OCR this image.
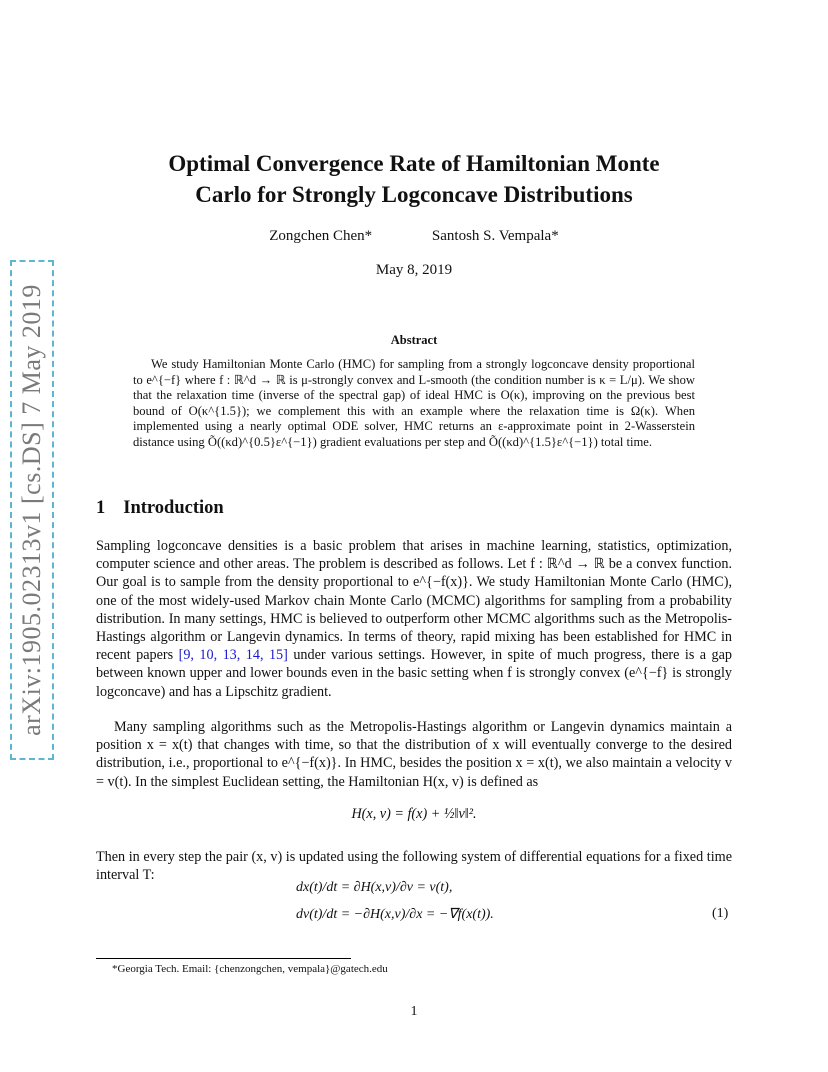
arXiv:1905.02313v1 [cs.DS] 7 May 2019
Optimal Convergence Rate of Hamiltonian Monte
Carlo for Strongly Logconcave Distributions
Zongchen Chen*	Santosh S. Vempala*
May 8, 2019
Abstract
We study Hamiltonian Monte Carlo (HMC) for sampling from a strongly logconcave density proportional to e^{−f} where f : ℝ^d → ℝ is μ-strongly convex and L-smooth (the condition number is κ = L/μ). We show that the relaxation time (inverse of the spectral gap) of ideal HMC is O(κ), improving on the previous best bound of O(κ^{1.5}); we complement this with an example where the relaxation time is Ω(κ). When implemented using a nearly optimal ODE solver, HMC returns an ε-approximate point in 2-Wasserstein distance using Õ((κd)^{0.5}ε^{−1}) gradient evaluations per step and Õ((κd)^{1.5}ε^{−1}) total time.
1 Introduction
Sampling logconcave densities is a basic problem that arises in machine learning, statistics, optimization, computer science and other areas. The problem is described as follows. Let f : ℝ^d → ℝ be a convex function. Our goal is to sample from the density proportional to e^{−f(x)}. We study Hamiltonian Monte Carlo (HMC), one of the most widely-used Markov chain Monte Carlo (MCMC) algorithms for sampling from a probability distribution. In many settings, HMC is believed to outperform other MCMC algorithms such as the Metropolis-Hastings algorithm or Langevin dynamics. In terms of theory, rapid mixing has been established for HMC in recent papers [9, 10, 13, 14, 15] under various settings. However, in spite of much progress, there is a gap between known upper and lower bounds even in the basic setting when f is strongly convex (e^{−f} is strongly logconcave) and has a Lipschitz gradient.
Many sampling algorithms such as the Metropolis-Hastings algorithm or Langevin dynamics maintain a position x = x(t) that changes with time, so that the distribution of x will eventually converge to the desired distribution, i.e., proportional to e^{−f(x)}. In HMC, besides the position x = x(t), we also maintain a velocity v = v(t). In the simplest Euclidean setting, the Hamiltonian H(x, v) is defined as
H(x, v) = f(x) + ½‖v‖².
Then in every step the pair (x, v) is updated using the following system of differential equations for a fixed time interval T:
dx(t)/dt = ∂H(x,v)/∂v = v(t),
dv(t)/dt = −∂H(x,v)/∂x = −∇f(x(t)).	(1)
*Georgia Tech. Email: {chenzongchen, vempala}@gatech.edu
1
